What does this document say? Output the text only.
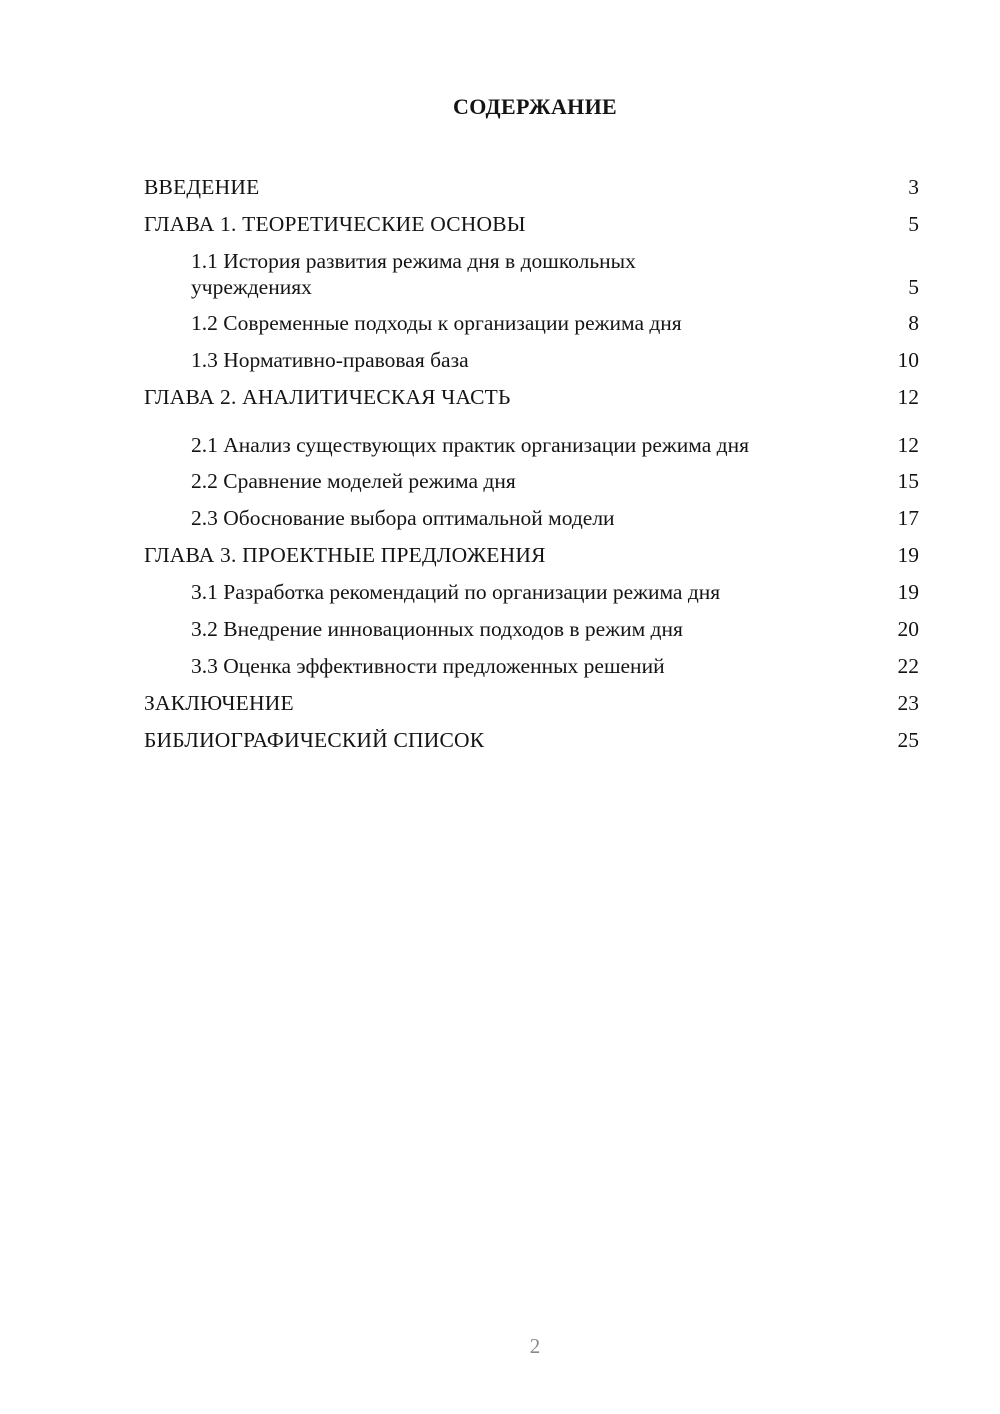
СОДЕРЖАНИЕ
ВВЕДЕНИЕ	3
ГЛАВА 1. ТЕОРЕТИЧЕСКИЕ ОСНОВЫ	5
1.1 История развития режима дня в дошкольных учреждениях	5
1.2 Современные подходы к организации режима дня	8
1.3 Нормативно-правовая база	10
ГЛАВА 2. АНАЛИТИЧЕСКАЯ ЧАСТЬ	12
2.1 Анализ существующих практик организации режима дня	12
2.2 Сравнение моделей режима дня	15
2.3 Обоснование выбора оптимальной модели	17
ГЛАВА 3. ПРОЕКТНЫЕ ПРЕДЛОЖЕНИЯ	19
3.1 Разработка рекомендаций по организации режима дня	19
3.2 Внедрение инновационных подходов в режим дня	20
3.3 Оценка эффективности предложенных решений	22
ЗАКЛЮЧЕНИЕ	23
БИБЛИОГРАФИЧЕСКИЙ СПИСОК	25
2
